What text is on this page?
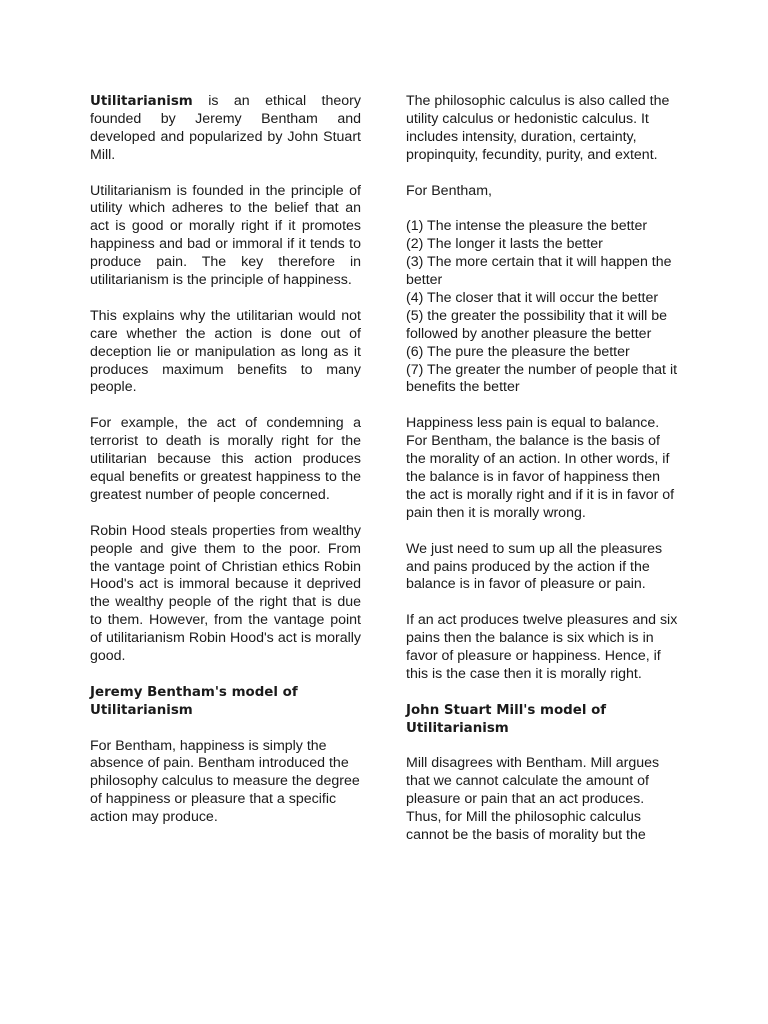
Utilitarianism is an ethical theory founded by Jeremy Bentham and developed and popularized by John Stuart Mill.

Utilitarianism is founded in the principle of utility which adheres to the belief that an act is good or morally right if it promotes happiness and bad or immoral if it tends to produce pain. The key therefore in utilitarianism is the principle of happiness.

This explains why the utilitarian would not care whether the action is done out of deception lie or manipulation as long as it produces maximum benefits to many people.

For example, the act of condemning a terrorist to death is morally right for the utilitarian because this action produces equal benefits or greatest happiness to the greatest number of people concerned.

Robin Hood steals properties from wealthy people and give them to the poor. From the vantage point of Christian ethics Robin Hood's act is immoral because it deprived the wealthy people of the right that is due to them. However, from the vantage point of utilitarianism Robin Hood's act is morally good.

Jeremy Bentham's model of Utilitarianism

For Bentham, happiness is simply the absence of pain. Bentham introduced the philosophy calculus to measure the degree of happiness or pleasure that a specific action may produce.

The philosophic calculus is also called the utility calculus or hedonistic calculus. It includes intensity, duration, certainty, propinquity, fecundity, purity, and extent.

For Bentham,

(1) The intense the pleasure the better
(2) The longer it lasts the better
(3) The more certain that it will happen the better
(4) The closer that it will occur the better
(5) the greater the possibility that it will be followed by another pleasure the better
(6) The pure the pleasure the better
(7) The greater the number of people that it benefits the better

Happiness less pain is equal to balance. For Bentham, the balance is the basis of the morality of an action. In other words, if the balance is in favor of happiness then the act is morally right and if it is in favor of pain then it is morally wrong.

We just need to sum up all the pleasures and pains produced by the action if the balance is in favor of pleasure or pain.

If an act produces twelve pleasures and six pains then the balance is six which is in favor of pleasure or happiness. Hence, if this is the case then it is morally right.

John Stuart Mill's model of Utilitarianism

Mill disagrees with Bentham. Mill argues that we cannot calculate the amount of pleasure or pain that an act produces. Thus, for Mill the philosophic calculus cannot be the basis of morality but the
